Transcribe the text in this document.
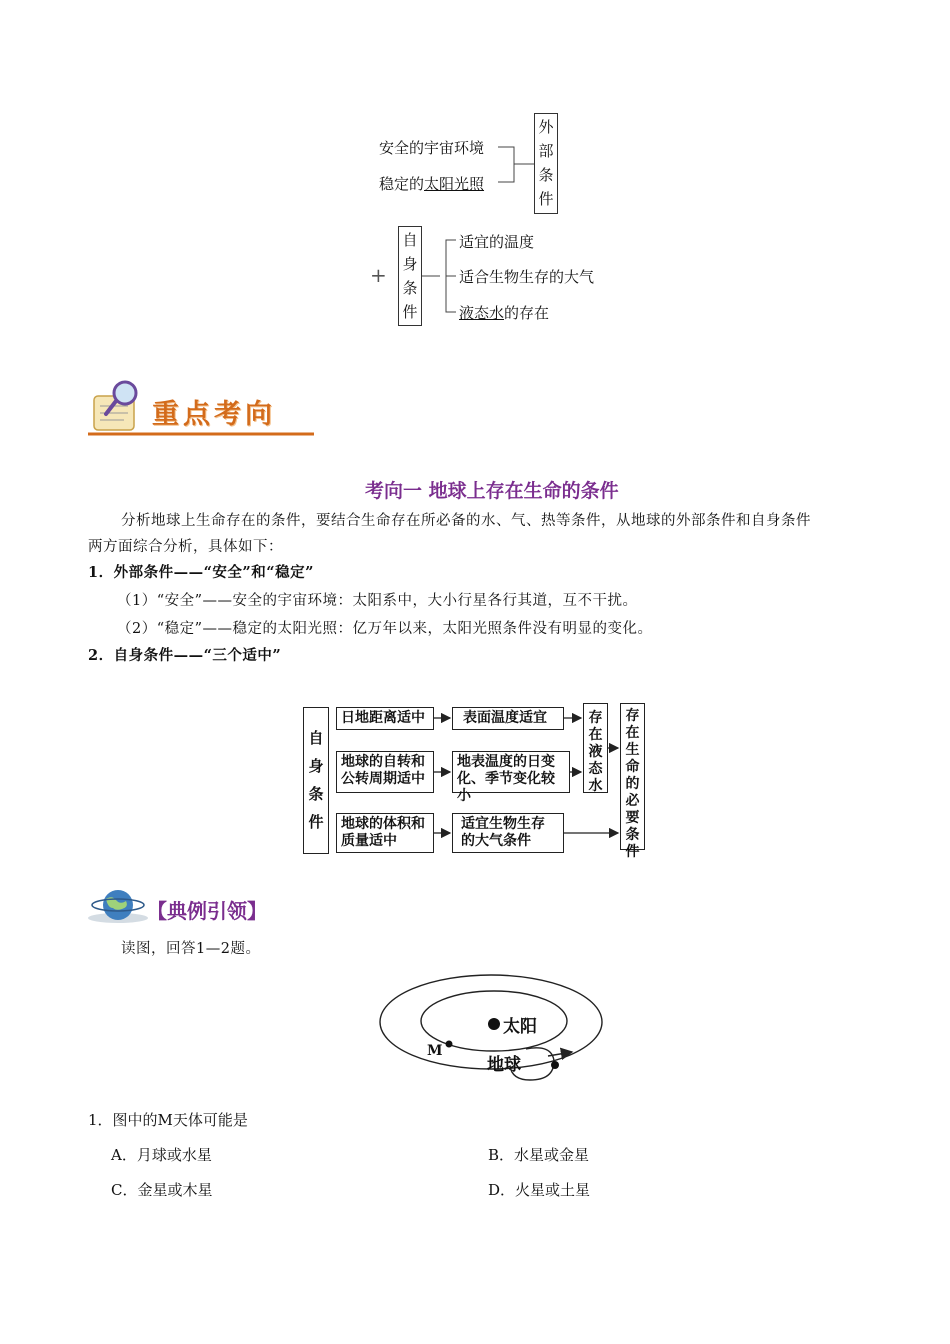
安全的宇宙环境
稳定的太阳光照
外部条件
+
自身条件
适宜的温度
适合生物生存的大气
液态水的存在
重点考向
考向一 地球上存在生命的条件
分析地球上生命存在的条件，要结合生命存在所必备的水、气、热等条件，从地球的外部条件和自身条件
两方面综合分析，具体如下：
1．外部条件——“安全”和“稳定”
（1）“安全”——安全的宇宙环境：太阳系中，大小行星各行其道，互不干扰。
（2）“稳定”——稳定的太阳光照：亿万年以来，太阳光照条件没有明显的变化。
2．自身条件——“三个适中”
自身条件
日地距离适中
地球的自转和
公转周期适中
地球的体积和
质量适中
表面温度适宜
地表温度的日变
化、季节变化较小
适宜生物生存
的大气条件
存在液态水
存在生命的必要条件
【典例引领】
读图，回答1—2题。
太阳
M
地球
1．图中的M天体可能是
A．月球或水星	B．水星或金星
C．金星或木星	D．火星或土星
